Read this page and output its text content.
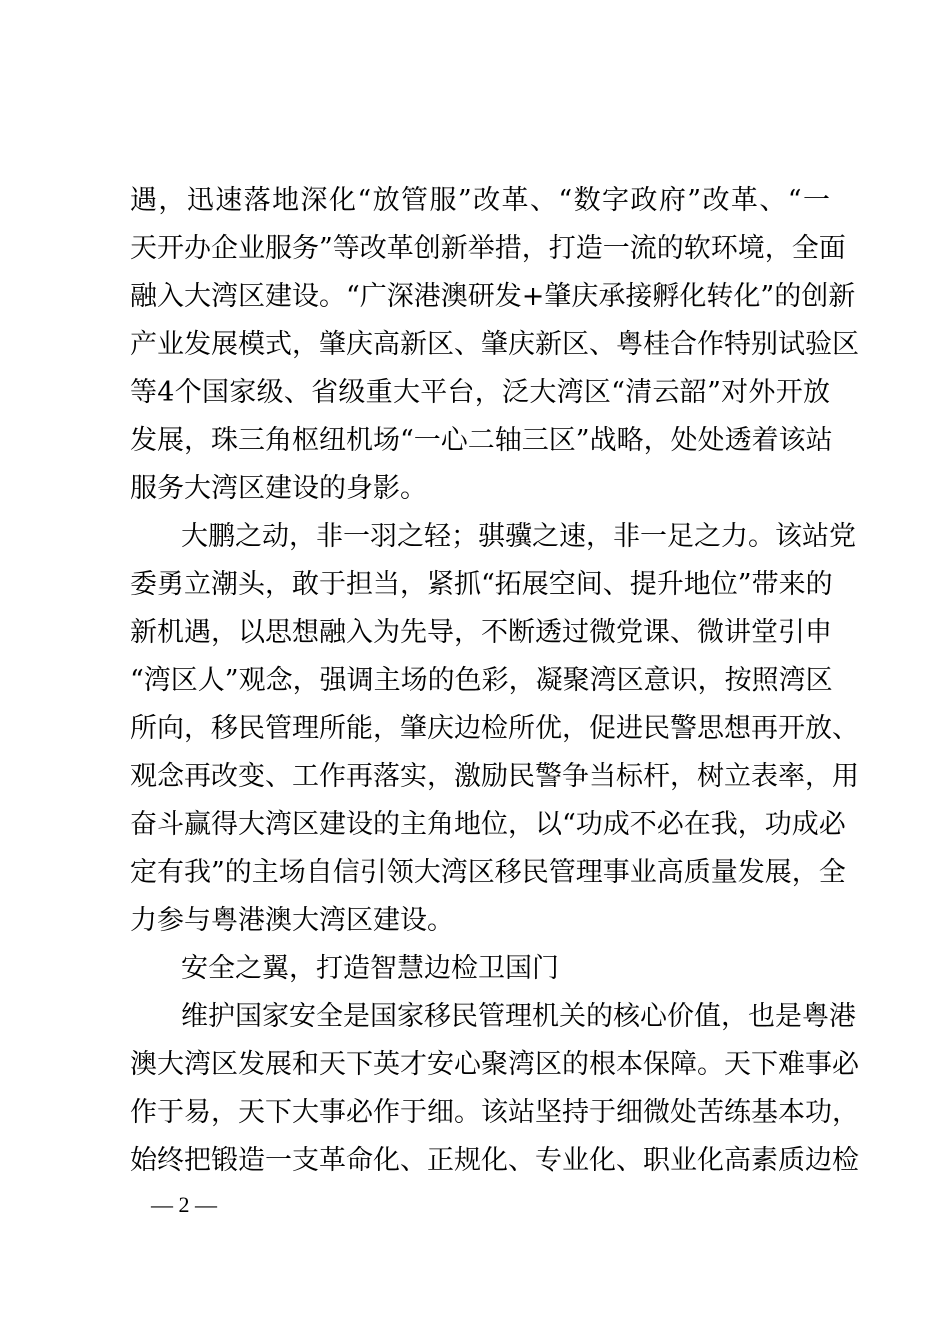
遇，迅速落地深化“放管服”改革、“数字政府”改革、“一
天开办企业服务”等改革创新举措，打造一流的软环境，全面
融入大湾区建设。“广深港澳研发+肇庆承接孵化转化”的创新
产业发展模式，肇庆高新区、肇庆新区、粤桂合作特别试验区
等4个国家级、省级重大平台，泛大湾区“清云韶”对外开放
发展，珠三角枢纽机场“一心二轴三区”战略，处处透着该站
服务大湾区建设的身影。
大鹏之动，非一羽之轻；骐骥之速，非一足之力。该站党
委勇立潮头，敢于担当，紧抓“拓展空间、提升地位”带来的
新机遇，以思想融入为先导，不断透过微党课、微讲堂引申
“湾区人”观念，强调主场的色彩，凝聚湾区意识，按照湾区
所向，移民管理所能，肇庆边检所优，促进民警思想再开放、
观念再改变、工作再落实，激励民警争当标杆，树立表率，用
奋斗赢得大湾区建设的主角地位，以“功成不必在我，功成必
定有我”的主场自信引领大湾区移民管理事业高质量发展，全
力参与粤港澳大湾区建设。
安全之翼，打造智慧边检卫国门
维护国家安全是国家移民管理机关的核心价值，也是粤港
澳大湾区发展和天下英才安心聚湾区的根本保障。天下难事必
作于易，天下大事必作于细。该站坚持于细微处苦练基本功，
始终把锻造一支革命化、正规化、专业化、职业化高素质边检
— 2 —
